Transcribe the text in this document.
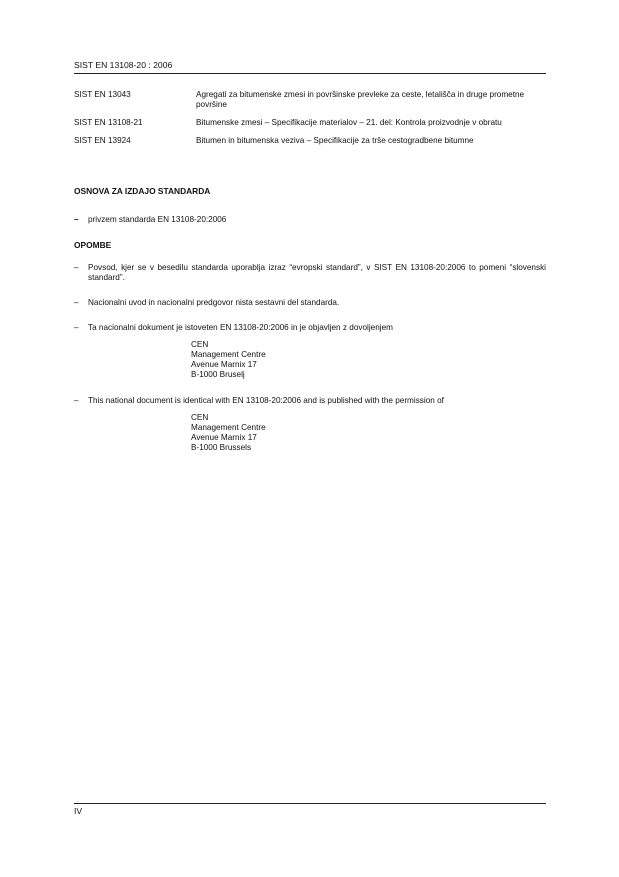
SIST EN 13108-20 : 2006
SIST EN 13043	Agregati za bitumenske zmesi in površinske prevleke za ceste, letališča in druge prometne površine
SIST EN 13108-21	Bitumenske zmesi – Specifikacije materialov – 21. del: Kontrola proizvodnje v obratu
SIST EN 13924	Bitumen in bitumenska veziva – Specifikacije za trše cestogradbene bitumne
OSNOVA ZA IZDAJO STANDARDA
–	privzem standarda EN 13108-20:2006
OPOMBE
–	Povsod, kjer se v besedilu standarda uporablja izraz “evropski standard”, v SIST EN 13108-20:2006 to pomeni “slovenski standard”.
–	Nacionalni uvod in nacionalni predgovor nista sestavni del standarda.
–	Ta nacionalni dokument je istoveten EN 13108-20:2006 in je objavljen z dovoljenjem
CEN
Management Centre
Avenue Marnix 17
B-1000 Bruselj
–	This national document is identical with EN 13108-20:2006 and is published with the permission of
CEN
Management Centre
Avenue Marnix 17
B-1000 Brussels
IV
